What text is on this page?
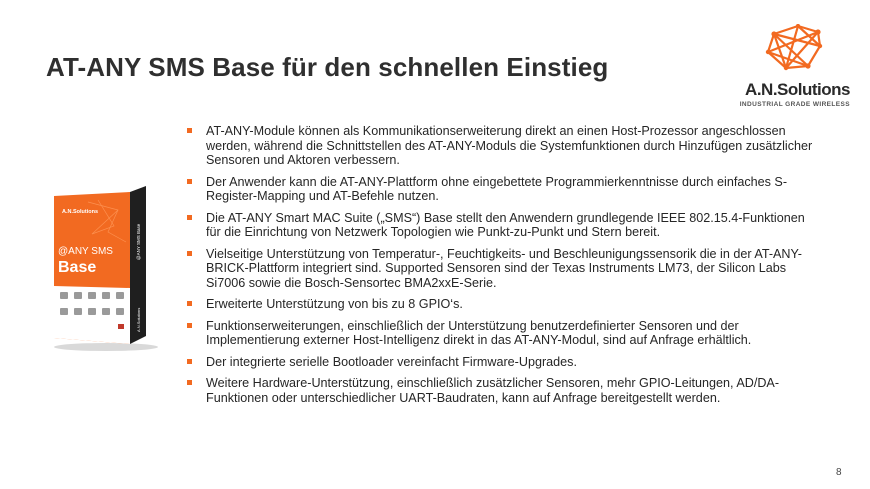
AT-ANY SMS Base für den schnellen Einstieg
A.N.Solutions
INDUSTRIAL GRADE WIRELESS
A.N.Solutions
@ANY SMS
Base
@ANY SMS Base
A.N.Solutions
AT-ANY-Module können als Kommunikationserweiterung direkt an einen Host-Prozessor angeschlossen werden, während die Schnittstellen des AT-ANY-Moduls die Systemfunktionen durch Hinzufügen zusätzlicher Sensoren und Aktoren verbessern.
Der Anwender kann die AT-ANY-Plattform ohne eingebettete Programmierkenntnisse durch einfaches S-Register-Mapping und AT-Befehle nutzen.
Die AT-ANY Smart MAC Suite („SMS“) Base stellt den Anwendern grundlegende IEEE 802.15.4-Funktionen für die Einrichtung von Netzwerk Topologien wie Punkt-zu-Punkt und Stern bereit.
Vielseitige Unterstützung von Temperatur-, Feuchtigkeits- und Beschleunigungssensorik die in der AT-ANY-BRICK-Plattform integriert sind. Supported Sensoren sind der Texas Instruments LM73, der Silicon Labs Si7006 sowie die Bosch-Sensortec BMA2xxE-Serie.
Erweiterte Unterstützung von bis zu 8 GPIO‘s.
Funktionserweiterungen, einschließlich der Unterstützung benutzerdefinierter Sensoren und der Implementierung externer Host-Intelligenz direkt in das AT-ANY-Modul, sind auf Anfrage erhältlich.
Der integrierte serielle Bootloader vereinfacht Firmware-Upgrades.
Weitere Hardware-Unterstützung, einschließlich zusätzlicher Sensoren, mehr GPIO-Leitungen, AD/DA-Funktionen oder unterschiedlicher UART-Baudraten, kann auf Anfrage bereitgestellt werden.
8
